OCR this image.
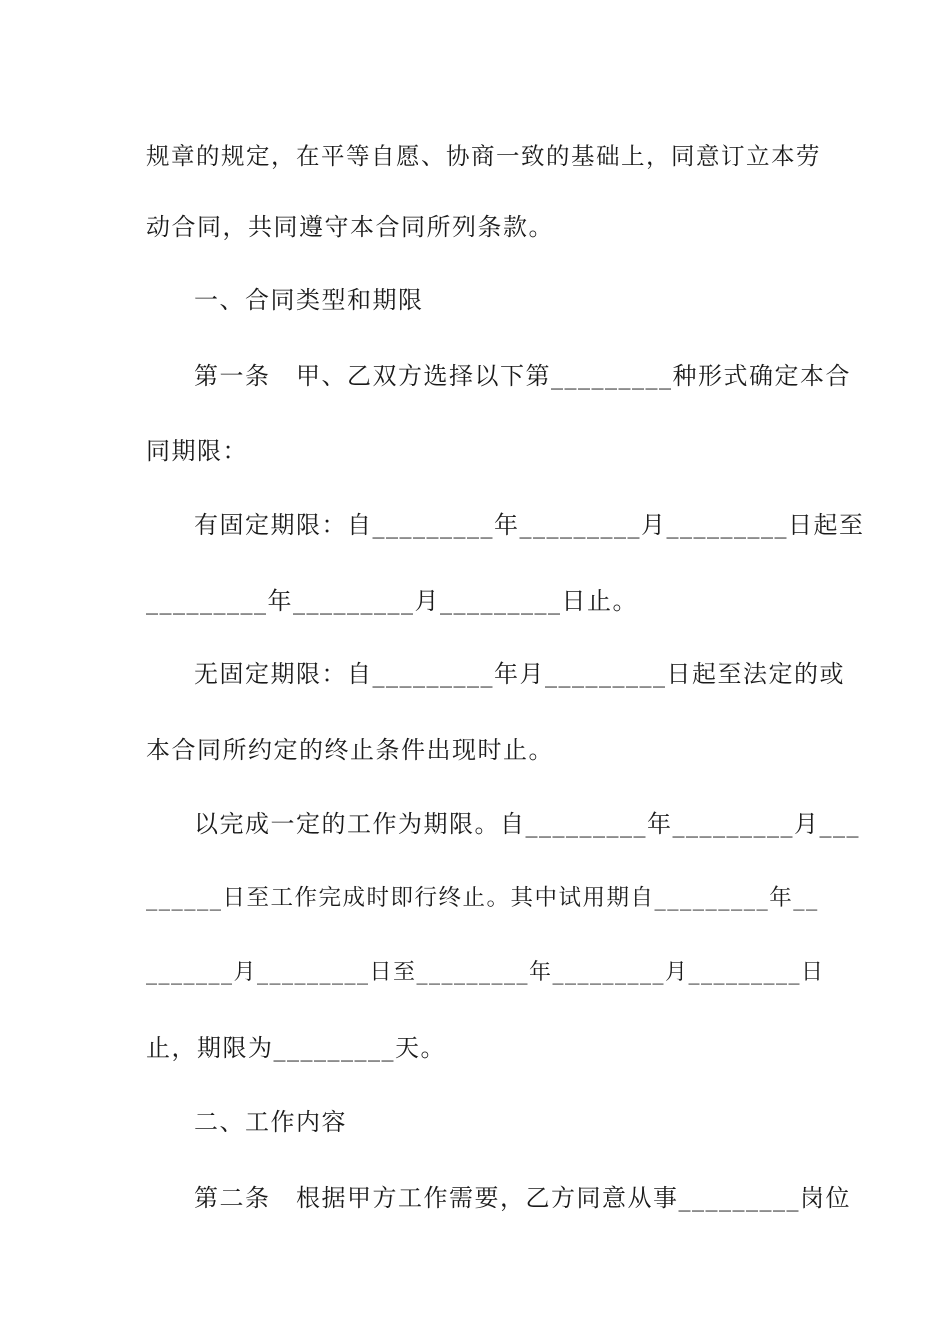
规章的规定，在平等自愿、协商一致的基础上，同意订立本劳
动合同，共同遵守本合同所列条款。
一、合同类型和期限
第一条　甲、乙双方选择以下第_________种形式确定本合
同期限：
有固定期限：自_________年_________月_________日起至
_________年_________月_________日止。
无固定期限：自_________年月_________日起至法定的或
本合同所约定的终止条件出现时止。
以完成一定的工作为期限。自_________年_________月___
______日至工作完成时即行终止。其中试用期自_________年__
_______月_________日至_________年_________月_________日
止，期限为_________天。
二、工作内容
第二条　根据甲方工作需要，乙方同意从事_________岗位
